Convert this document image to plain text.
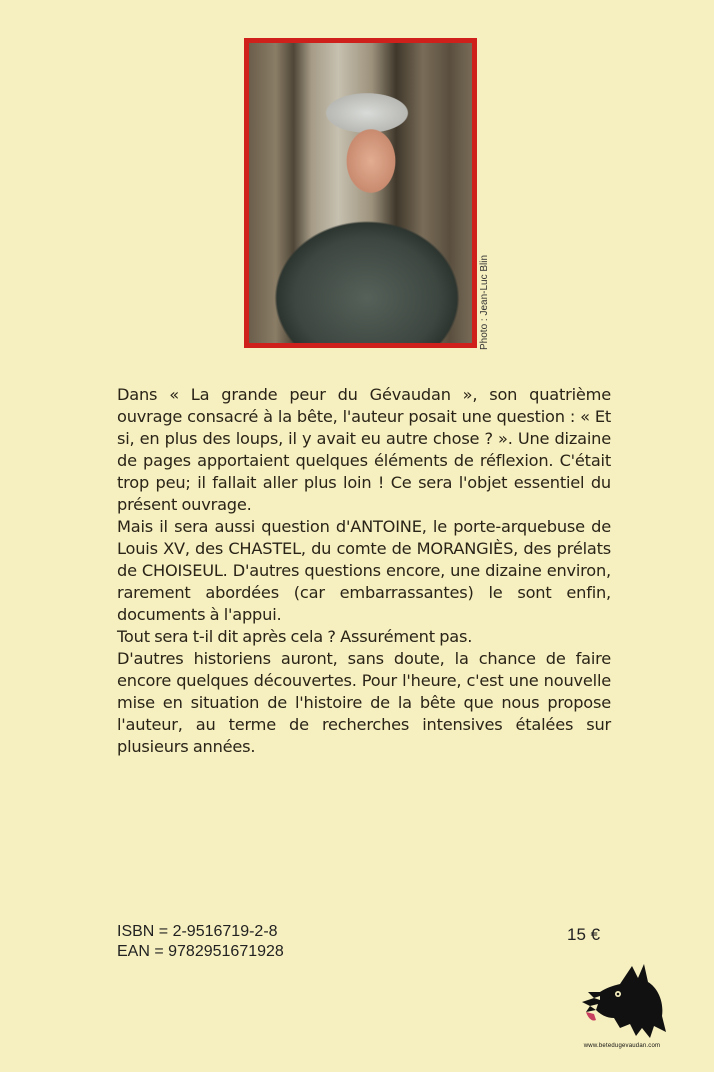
Photo : Jean-Luc Blin

Dans « La grande peur du Gévaudan », son quatrième ouvrage consacré à la bête, l'auteur posait une question : « Et si, en plus des loups, il y avait eu autre chose ? ». Une dizaine de pages apportaient quelques éléments de réflexion. C'était trop peu; il fallait aller plus loin ! Ce sera l'objet essentiel du présent ouvrage.

Mais il sera aussi question d'ANTOINE, le porte-arquebuse de Louis XV, des CHASTEL, du comte de MORANGIÈS, des prélats de CHOISEUL. D'autres questions encore, une dizaine environ, rarement abordées (car embarrassantes) le sont enfin, documents à l'appui.

Tout sera t-il dit après cela ? Assurément pas.

D'autres historiens auront, sans doute, la chance de faire encore quelques découvertes. Pour l'heure, c'est une nouvelle mise en situation de l'histoire de la bête que nous propose l'auteur, au terme de recherches intensives étalées sur plusieurs années.

ISBN = 2-9516719-2-8
EAN = 9782951671928
15 €
www.betedugevaudan.com
